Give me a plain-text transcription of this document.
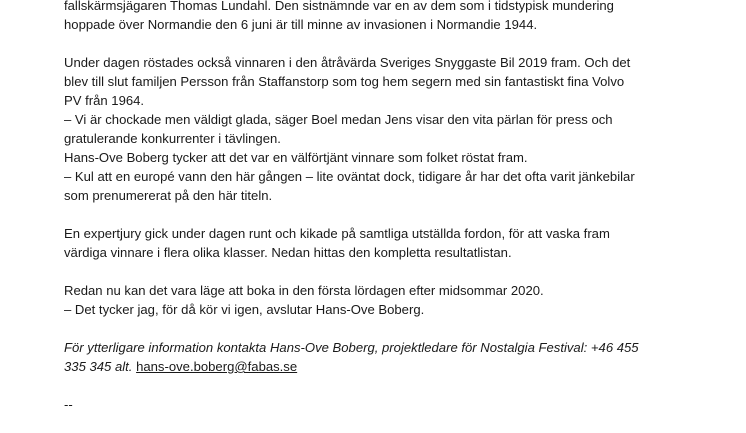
fallskärmsjägaren Thomas Lundahl. Den sistnämnde var en av dem som i tidstypisk mundering
hoppade över Normandie den 6 juni är till minne av invasionen i Normandie 1944.

Under dagen röstades också vinnaren i den åtråvärda Sveriges Snyggaste Bil 2019 fram. Och det
blev till slut familjen Persson från Staffanstorp som tog hem segern med sin fantastiskt fina Volvo
PV från 1964.
– Vi är chockade men väldigt glada, säger Boel medan Jens visar den vita pärlan för press och
gratulerande konkurrenter i tävlingen.
Hans-Ove Boberg tycker att det var en välförtjänt vinnare som folket röstat fram.
– Kul att en europé vann den här gången – lite oväntat dock, tidigare år har det ofta varit jänkebilar
som prenumererat på den här titeln.

En expertjury gick under dagen runt och kikade på samtliga utställda fordon, för att vaska fram
värdiga vinnare i flera olika klasser. Nedan hittas den kompletta resultatlistan.

Redan nu kan det vara läge att boka in den första lördagen efter midsommar 2020.
– Det tycker jag, för då kör vi igen, avslutar Hans-Ove Boberg.

För ytterligare information kontakta Hans-Ove Boberg, projektledare för Nostalgia Festival: +46 455
335 345 alt. hans-ove.boberg@fabas.se

--
